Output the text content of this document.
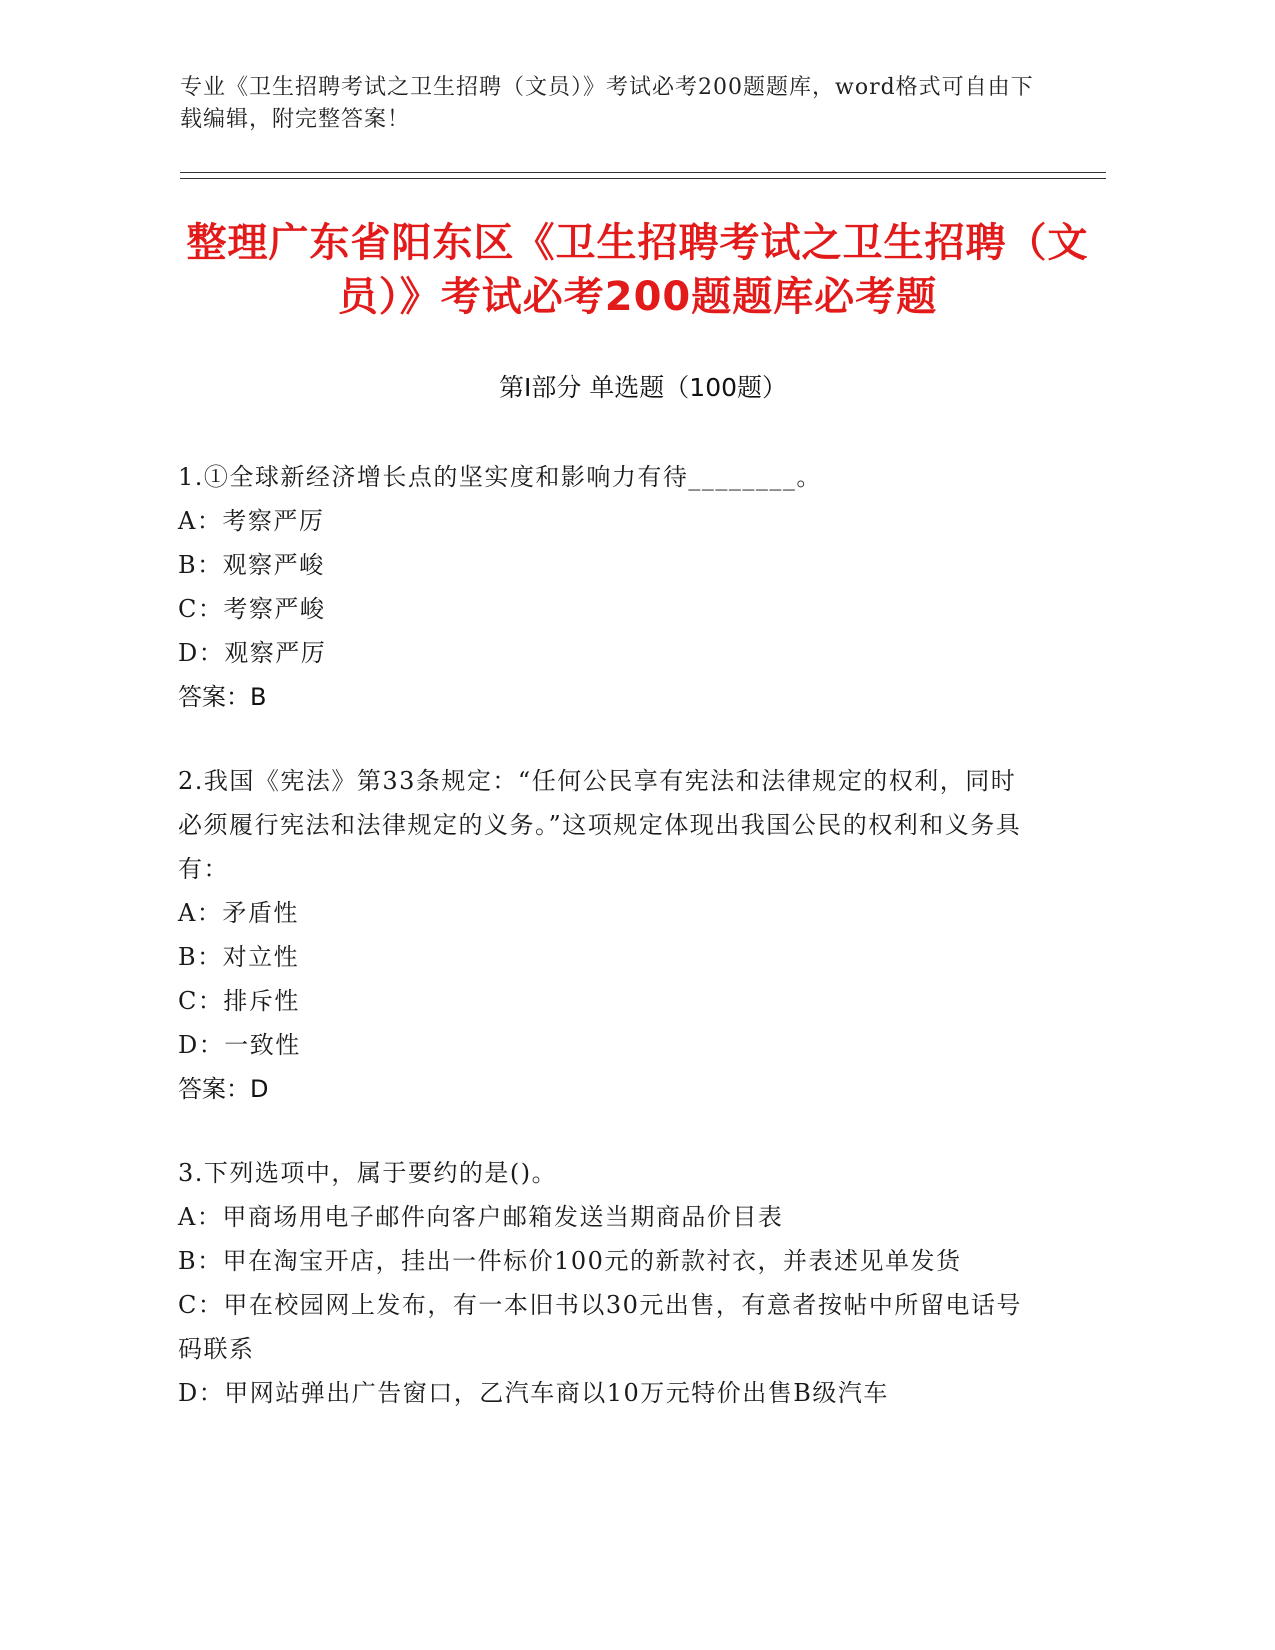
专业《卫生招聘考试之卫生招聘（文员）》考试必考200题题库，word格式可自由下载编辑，附完整答案！
整理广东省阳东区《卫生招聘考试之卫生招聘（文员）》考试必考200题题库必考题
第Ⅰ部分 单选题（100题）
1.①全球新经济增长点的坚实度和影响力有待________。
A：考察严厉
B：观察严峻
C：考察严峻
D：观察严厉
答案：B
2.我国《宪法》第33条规定：“任何公民享有宪法和法律规定的权利，同时必须履行宪法和法律规定的义务。”这项规定体现出我国公民的权利和义务具有：
A：矛盾性
B：对立性
C：排斥性
D：一致性
答案：D
3.下列选项中，属于要约的是()。
A：甲商场用电子邮件向客户邮箱发送当期商品价目表
B：甲在淘宝开店，挂出一件标价100元的新款衬衣，并表述见单发货
C：甲在校园网上发布，有一本旧书以30元出售，有意者按帖中所留电话号码联系
D：甲网站弹出广告窗口，乙汽车商以10万元特价出售B级汽车
